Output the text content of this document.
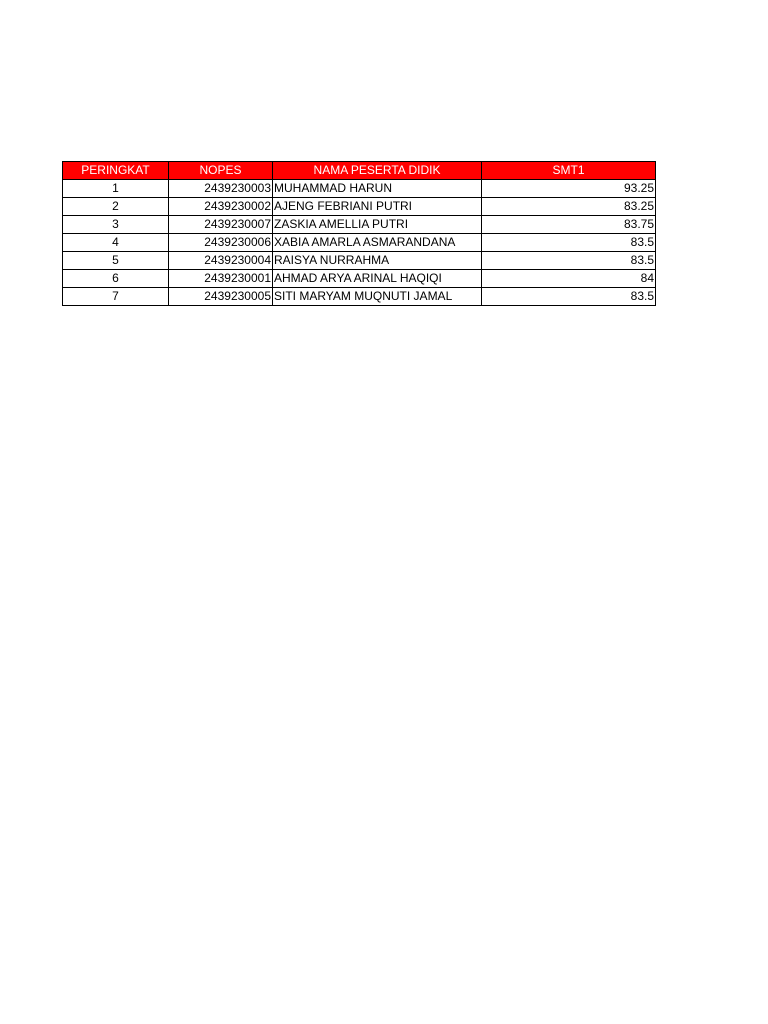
PERINGKAT	NOPES	NAMA PESERTA DIDIK	SMT1
1	2439230003	MUHAMMAD HARUN	93.25
2	2439230002	AJENG FEBRIANI PUTRI	83.25
3	2439230007	ZASKIA AMELLIA PUTRI	83.75
4	2439230006	XABIA AMARLA ASMARANDANA	83.5
5	2439230004	RAISYA NURRAHMA	83.5
6	2439230001	AHMAD ARYA ARINAL HAQIQI	84
7	2439230005	SITI MARYAM MUQNUTI JAMAL	83.5
